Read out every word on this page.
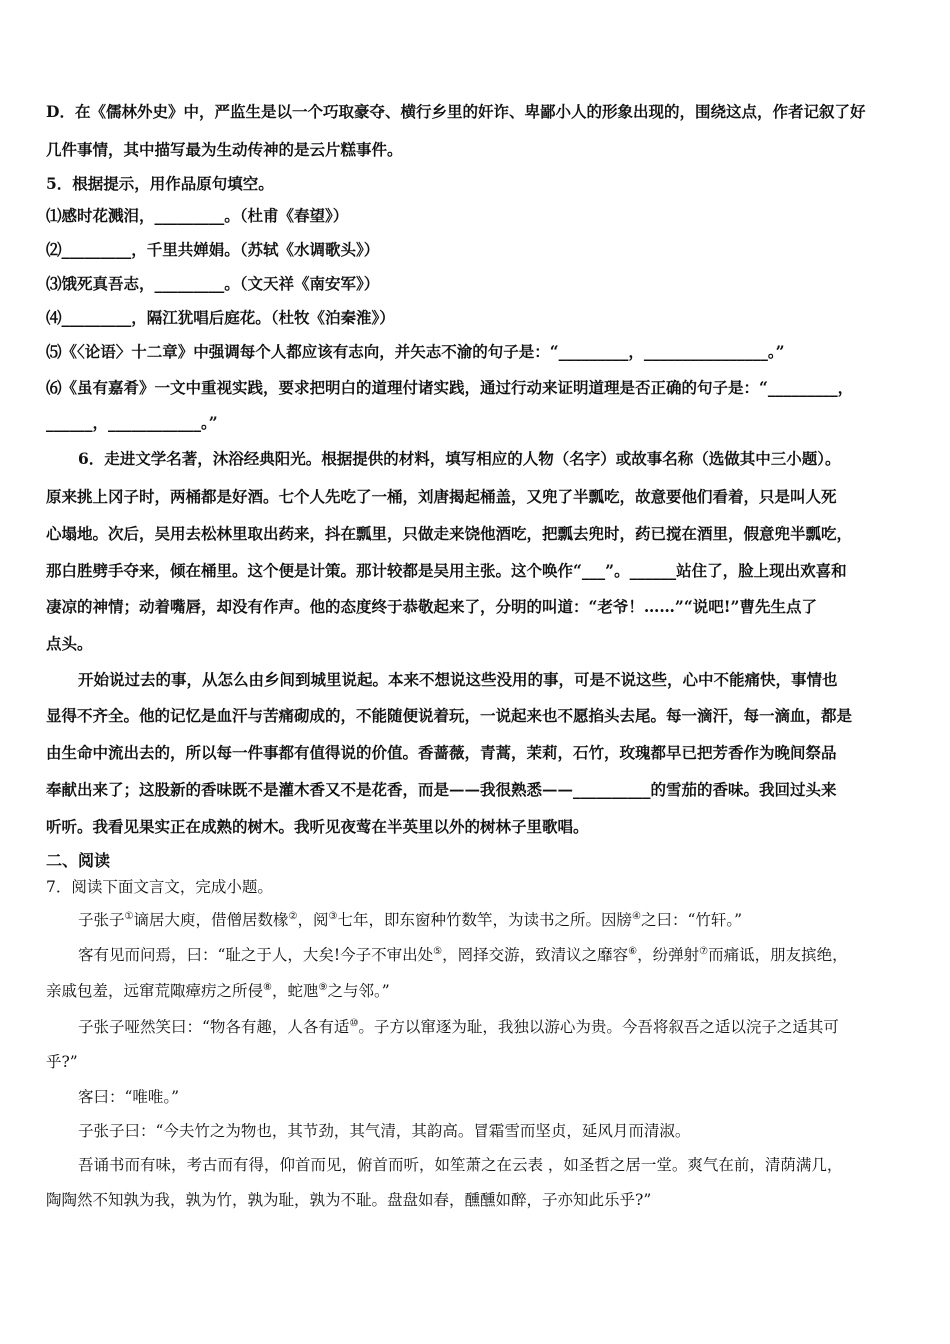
D．在《儒林外史》中，严监生是以一个巧取豪夺、横行乡里的奸诈、卑鄙小人的形象出现的，围绕这点，作者记叙了好
几件事情，其中描写最为生动传神的是云片糕事件。
5．根据提示，用作品原句填空。
⑴感时花溅泪，_________。（杜甫《春望》）
⑵_________，千里共婵娟。（苏轼《水调歌头》）
⑶饿死真吾志，_________。（文天祥《南安军》）
⑷_________，隔江犹唱后庭花。（杜牧《泊秦淮》）
⑸《〈论语〉十二章》中强调每个人都应该有志向，并矢志不渝的句子是：“_________，________________。”
⑹《虽有嘉肴》一文中重视实践，要求把明白的道理付诸实践，通过行动来证明道理是否正确的句子是：“_________，
______，____________。”
6．走进文学名著，沐浴经典阳光。根据提供的材料，填写相应的人物（名字）或故事名称（选做其中三小题）。
原来挑上冈子时，两桶都是好酒。七个人先吃了一桶，刘唐揭起桶盖，又兜了半瓢吃，故意要他们看着，只是叫人死
心塌地。次后，吴用去松林里取出药来，抖在瓢里，只做走来饶他酒吃，把瓢去兜时，药已搅在酒里，假意兜半瓢吃，
那白胜劈手夺来，倾在桶里。这个便是计策。那计较都是吴用主张。这个唤作“___”。______站住了，脸上现出欢喜和
凄凉的神情；动着嘴唇，却没有作声。他的态度终于恭敬起来了，分明的叫道：“老爷！……”“说吧!”曹先生点了
点头。
开始说过去的事，从怎么由乡间到城里说起。本来不想说这些没用的事，可是不说这些，心中不能痛快，事情也
显得不齐全。他的记忆是血汗与苦痛砌成的，不能随便说着玩，一说起来也不愿掐头去尾。每一滴汗，每一滴血，都是
由生命中流出去的，所以每一件事都有值得说的价值。香蔷薇，青蒿，茉莉，石竹，玫瑰都早已把芳香作为晚间祭品
奉献出来了；这股新的香味既不是灌木香又不是花香，而是——我很熟悉——__________的雪茄的香味。我回过头来
听听。我看见果实正在成熟的树木。我听见夜莺在半英里以外的树林子里歌唱。
二、阅读
7．阅读下面文言文，完成小题。
子张子①谪居大庾，借僧居数椽②，阅③七年，即东窗种竹数竿，为读书之所。因牓④之曰：“竹轩。”
客有见而问焉，曰：“耻之于人，大矣!今子不审出处⑤，罔择交游，致清议之靡容⑥，纷弹射⑦而痛诋，朋友摈绝，
亲戚包羞，远窜荒陬瘴疠之所侵⑧，蛇虺⑨之与邻。”
子张子哑然笑曰：“物各有趣，人各有适⑩。子方以窜逐为耻，我独以游心为贵。今吾将叙吾之适以浣子之适其可
乎?”
客曰：“唯唯。”
子张子曰：“今夫竹之为物也，其节劲，其气清，其韵高。冒霜雪而坚贞，延风月而清淑。
吾诵书而有味，考古而有得，仰首而见，俯首而听，如笙萧之在云表 ，如圣哲之居一堂。爽气在前，清荫满几，
陶陶然不知孰为我，孰为竹，孰为耻，孰为不耻。盘盘如春，醺醺如醉，子亦知此乐乎?”
